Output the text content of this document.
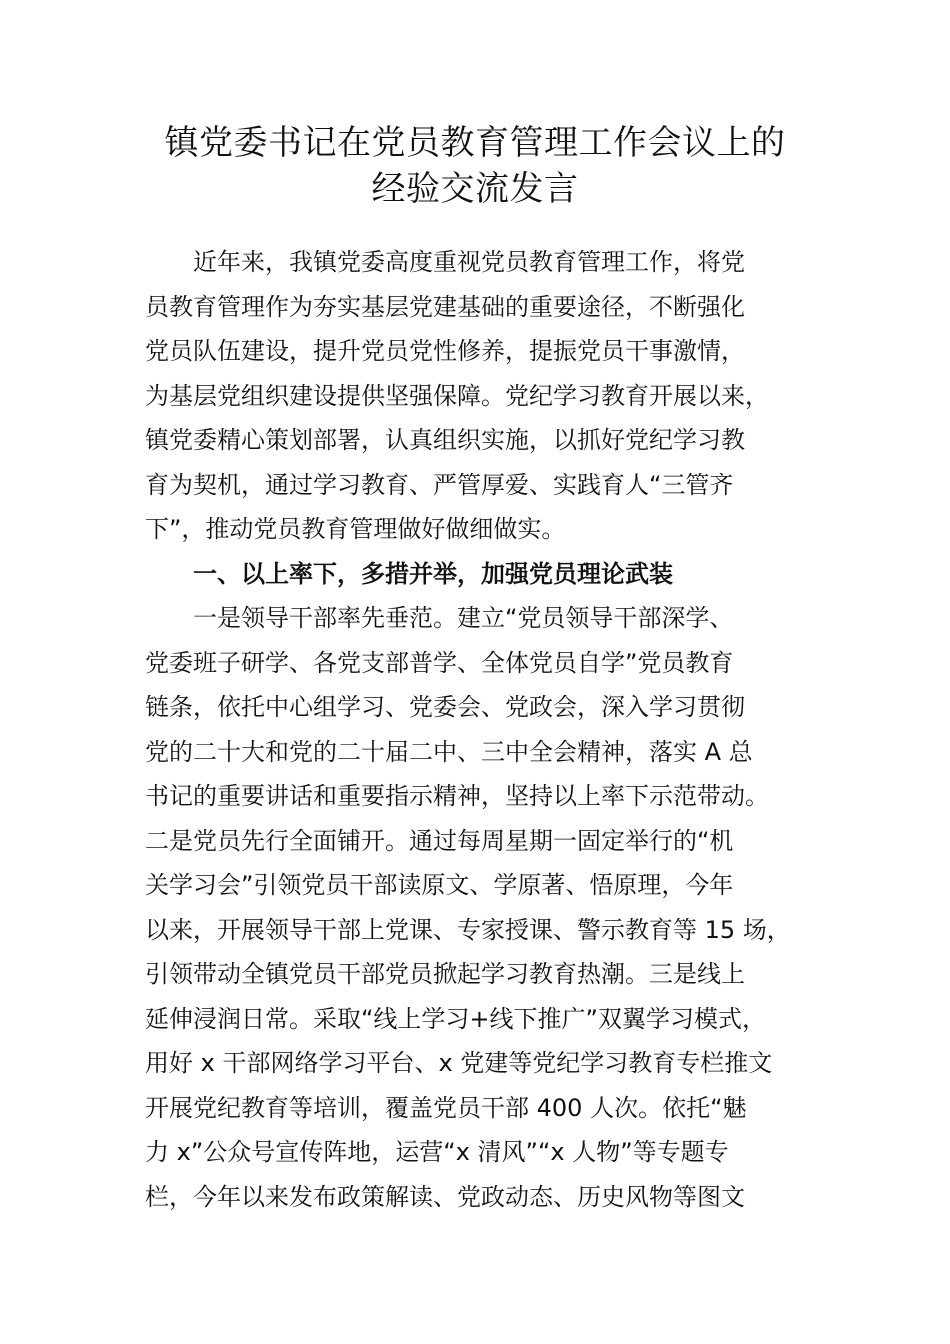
镇党委书记在党员教育管理工作会议上的
经验交流发言
近年来，我镇党委高度重视党员教育管理工作，将党
员教育管理作为夯实基层党建基础的重要途径，不断强化
党员队伍建设，提升党员党性修养，提振党员干事激情，
为基层党组织建设提供坚强保障。党纪学习教育开展以来，
镇党委精心策划部署，认真组织实施，以抓好党纪学习教
育为契机，通过学习教育、严管厚爱、实践育人“三管齐
下”，推动党员教育管理做好做细做实。
一、以上率下，多措并举，加强党员理论武装
一是领导干部率先垂范。建立“党员领导干部深学、
党委班子研学、各党支部普学、全体党员自学”党员教育
链条，依托中心组学习、党委会、党政会，深入学习贯彻
党的二十大和党的二十届二中、三中全会精神，落实 A 总
书记的重要讲话和重要指示精神，坚持以上率下示范带动。
二是党员先行全面铺开。通过每周星期一固定举行的“机
关学习会”引领党员干部读原文、学原著、悟原理，今年
以来，开展领导干部上党课、专家授课、警示教育等 15 场，
引领带动全镇党员干部党员掀起学习教育热潮。三是线上
延伸浸润日常。采取“线上学习+线下推广”双翼学习模式，
用好 x 干部网络学习平台、x 党建等党纪学习教育专栏推文
开展党纪教育等培训，覆盖党员干部 400 人次。依托“魅
力 x”公众号宣传阵地，运营“x 清风”“x 人物”等专题专
栏，今年以来发布政策解读、党政动态、历史风物等图文
